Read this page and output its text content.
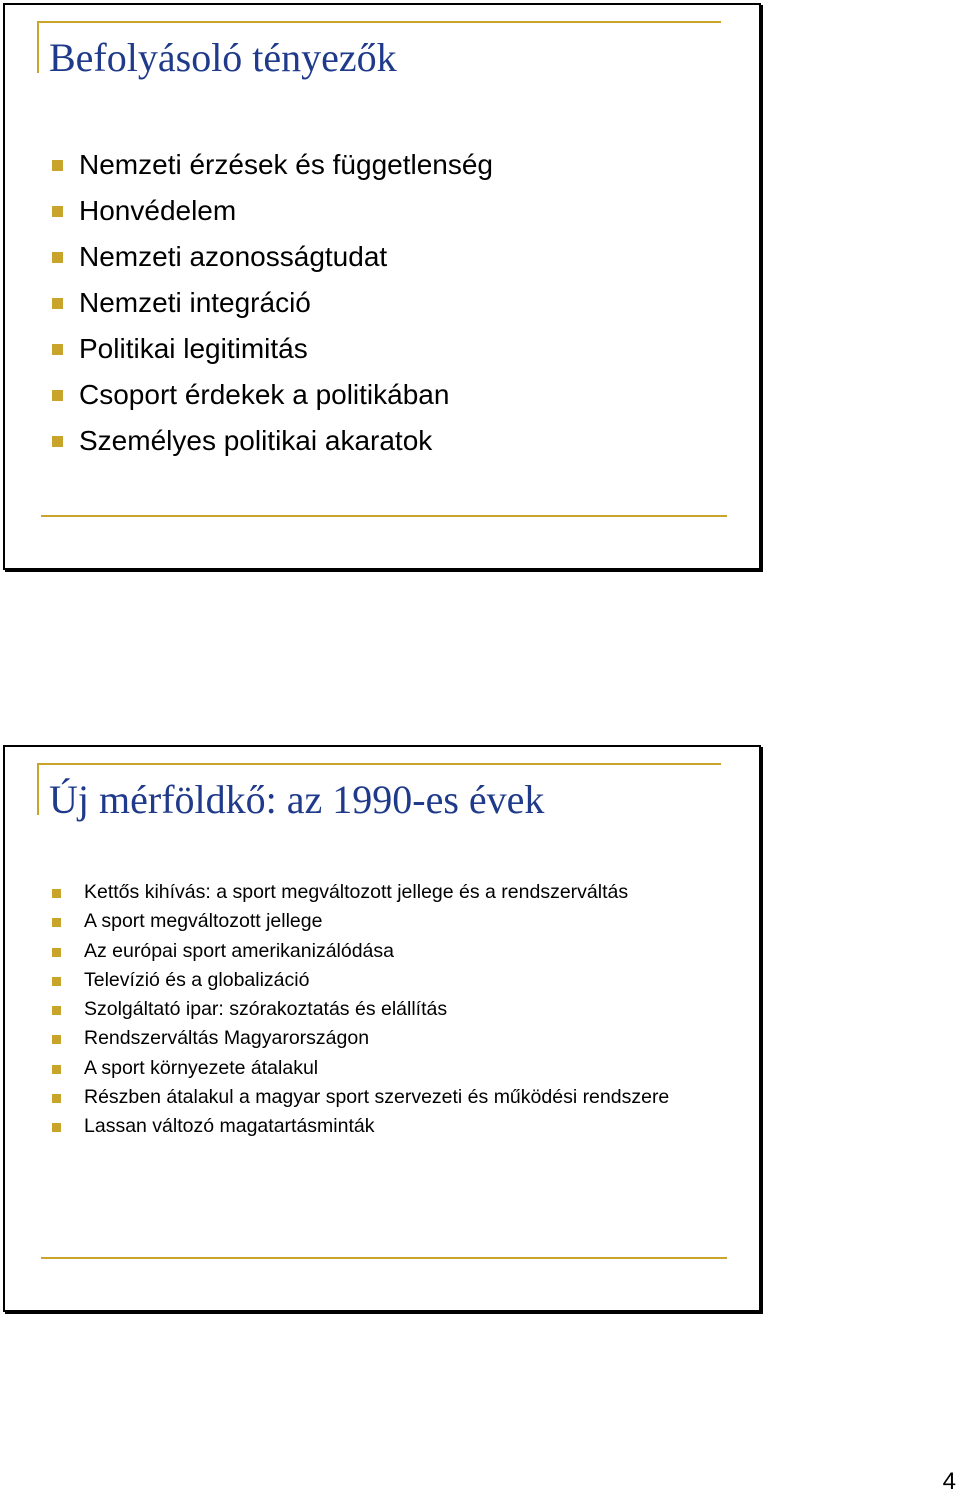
Befolyásoló tényezők
Nemzeti érzések és függetlenség
Honvédelem
Nemzeti azonosságtudat
Nemzeti integráció
Politikai legitimitás
Csoport érdekek a politikában
Személyes politikai akaratok
Új mérföldkő: az 1990-es évek
Kettős kihívás: a sport megváltozott jellege és a rendszerváltás
A sport megváltozott jellege
Az európai sport amerikanizálódása
Televízió és a globalizáció
Szolgáltató ipar: szórakoztatás és elállítás
Rendszerváltás Magyarországon
A sport környezete átalakul
Részben átalakul a magyar sport szervezeti és működési rendszere
Lassan változó magatartásminták
4
